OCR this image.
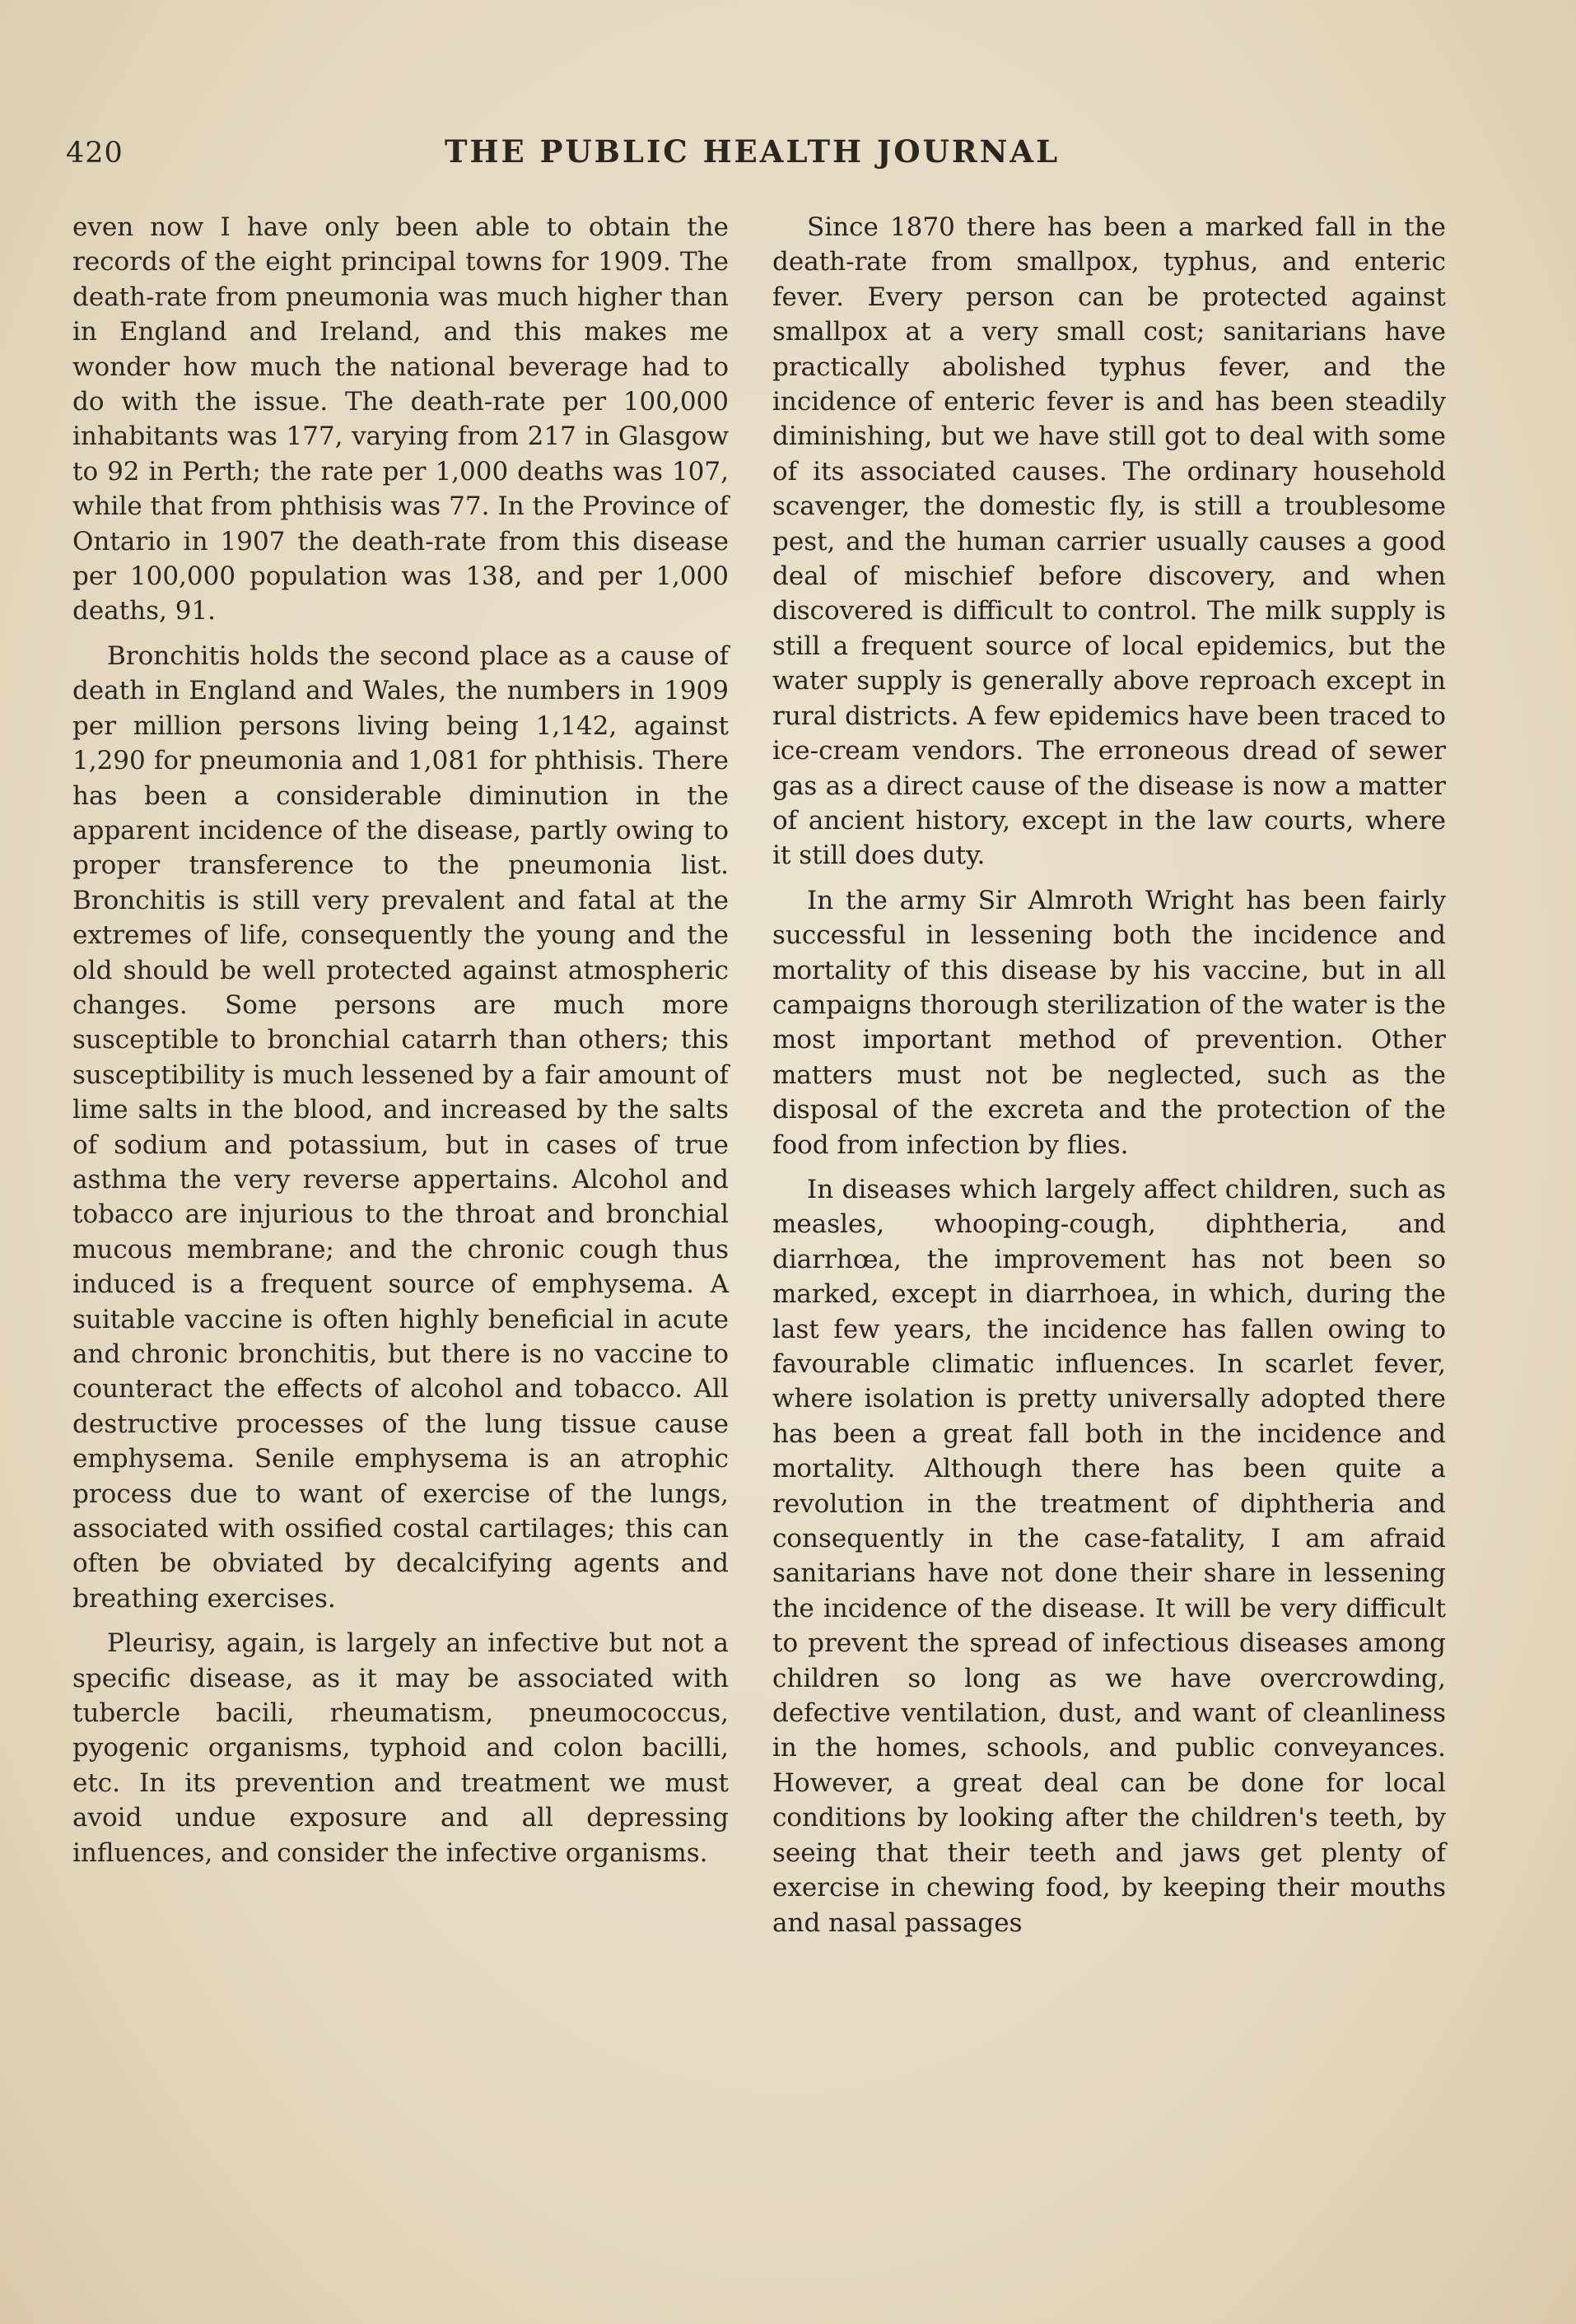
420	THE PUBLIC HEALTH JOURNAL

even now I have only been able to obtain the records of the eight principal towns for 1909. The death-rate from pneumonia was much higher than in England and Ireland, and this makes me wonder how much the national beverage had to do with the issue. The death-rate per 100,000 inhabitants was 177, varying from 217 in Glasgow to 92 in Perth; the rate per 1,000 deaths was 107, while that from phthisis was 77. In the Province of Ontario in 1907 the death-rate from this disease per 100,000 population was 138, and per 1,000 deaths, 91.

Bronchitis holds the second place as a cause of death in England and Wales, the numbers in 1909 per million persons living being 1,142, against 1,290 for pneumonia and 1,081 for phthisis. There has been a considerable diminution in the apparent incidence of the disease, partly owing to proper transference to the pneumonia list. Bronchitis is still very prevalent and fatal at the extremes of life, consequently the young and the old should be well protected against atmospheric changes. Some persons are much more susceptible to bronchial catarrh than others; this susceptibility is much lessened by a fair amount of lime salts in the blood, and increased by the salts of sodium and potassium, but in cases of true asthma the very reverse appertains. Alcohol and tobacco are injurious to the throat and bronchial mucous membrane; and the chronic cough thus induced is a frequent source of emphysema. A suitable vaccine is often highly beneficial in acute and chronic bronchitis, but there is no vaccine to counteract the effects of alcohol and tobacco. All destructive processes of the lung tissue cause emphysema. Senile emphysema is an atrophic process due to want of exercise of the lungs, associated with ossified costal cartilages; this can often be obviated by decalcifying agents and breathing exercises.

Pleurisy, again, is largely an infective but not a specific disease, as it may be associated with tubercle bacili, rheumatism, pneumococcus, pyogenic organisms, typhoid and colon bacilli, etc. In its prevention and treatment we must avoid undue exposure and all depressing influences, and consider the infective organisms.

Since 1870 there has been a marked fall in the death-rate from smallpox, typhus, and enteric fever. Every person can be protected against smallpox at a very small cost; sanitarians have practically abolished typhus fever, and the incidence of enteric fever is and has been steadily diminishing, but we have still got to deal with some of its associated causes. The ordinary household scavenger, the domestic fly, is still a troublesome pest, and the human carrier usually causes a good deal of mischief before discovery, and when discovered is difficult to control. The milk supply is still a frequent source of local epidemics, but the water supply is generally above reproach except in rural districts. A few epidemics have been traced to ice-cream vendors. The erroneous dread of sewer gas as a direct cause of the disease is now a matter of ancient history, except in the law courts, where it still does duty.

In the army Sir Almroth Wright has been fairly successful in lessening both the incidence and mortality of this disease by his vaccine, but in all campaigns thorough sterilization of the water is the most important method of prevention. Other matters must not be neglected, such as the disposal of the excreta and the protection of the food from infection by flies.

In diseases which largely affect children, such as measles, whooping-cough, diphtheria, and diarrhœa, the improvement has not been so marked, except in diarrhoea, in which, during the last few years, the incidence has fallen owing to favourable climatic influences. In scarlet fever, where isolation is pretty universally adopted there has been a great fall both in the incidence and mortality. Although there has been quite a revolution in the treatment of diphtheria and consequently in the case-fatality, I am afraid sanitarians have not done their share in lessening the incidence of the disease. It will be very difficult to prevent the spread of infectious diseases among children so long as we have overcrowding, defective ventilation, dust, and want of cleanliness in the homes, schools, and public conveyances. However, a great deal can be done for local conditions by looking after the children's teeth, by seeing that their teeth and jaws get plenty of exercise in chewing food, by keeping their mouths and nasal passages
